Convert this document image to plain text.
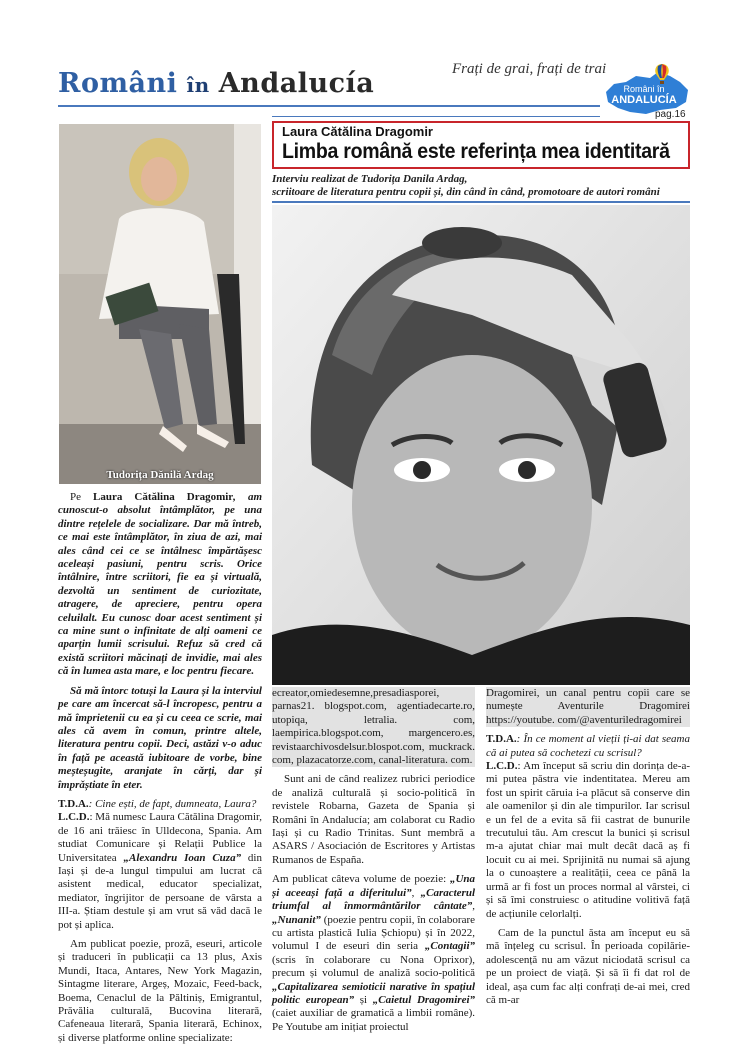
Români în Andalucía	Frați de grai, frați de trai
Români în
ANDALUCÍA
pag.16
Laura Cătălina Dragomir
Limba română este referința mea identitară
Interviu realizat de Tudorița Danila Ardag,
scriitoare de literatura pentru copii și, din când în când, promotoare de autori români
Tudorița Dănilă Ardag

Pe Laura Cătălina Dragomir, am cunoscut-o absolut întâmplător, pe una dintre rețelele de socializare. Dar mă întreb, ce mai este întâmplător, în ziua de azi, mai ales când cei ce se întâlnesc împărtășesc aceleași pasiuni, pentru scris. Orice întâlnire, între scriitori, fie ea și virtuală, dezvoltă un sentiment de curiozitate, atragere, de apreciere, pentru opera celuilalt. Eu cunosc doar acest sentiment și ca mine sunt o infinitate de alți oameni ce aparțin lumii scrisului. Refuz să cred că există scriitori măcinați de invidie, mai ales că în lumea asta mare, e loc pentru fiecare.

Să mă întorc totuși la Laura și la interviul pe care am încercat să-l încropesc, pentru a mă împrietenii cu ea și cu ceea ce scrie, mai ales că avem în comun, printre altele, literatura pentru copii. Deci, astăzi v-o aduc în față pe aceastǎ iubitoare de vorbe, bine meșteșugite, aranjate în cǎrți, dar și împrǎștiate în eter.

T.D.A.: Cine ești, de fapt, dumneata, Laura?
L.C.D.: Mă numesc Laura Cătălina Dragomir, de 16 ani trăiesc în Ulldecona, Spania. Am studiat Comunicare și Relații Publice la Universitatea „Alexandru Ioan Cuza” din Iași și de-a lungul timpului am lucrat că asistent medical, educator specializat, mediator, îngrijitor de persoane de vârsta a III-a. Știam destule și am vrut să văd dacă le pot și aplica.

Am publicat poezie, proză, eseuri, articole și traduceri în publicații ca 13 plus, Axis Mundi, Itaca, Antares, New York Magazin, Sintagme literare, Argeș, Mozaic, Feed-back, Boema, Cenaclul de la Păltiniș, Emigrantul, Prăvălia culturală, Bucovina literară, Cafeneaua literară, Spania literară, Echinox, și diverse platforme online specializate:

ecreator,omiedesemne,presadiasporei, parnas21. blogspot.com, agentiadecarte.ro, utopiqa, letralia. com, laempirica.blogspot.com, margencero.es, revistaarchivosdelsur.blospot.com, muckrack. com, plazacatorze.com, canal-literatura. com.

Sunt ani de când realizez rubrici periodice de analiză culturală și socio-politică în revistele Robarna, Gazeta de Spania și Români în Andalucía; am colaborat cu Radio Iași și cu Radio Trinitas. Sunt membră a ASARS / Asociación de Escritores y Artistas Rumanos de España.

Am publicat câteva volume de poezie: „Una și aceeași față a diferitului”, „Caracterul triumfal al înmormântărilor cântate”, „Nunanit” (poezie pentru copii, în colaborare cu artista plastică Iulia Șchiopu) și în 2022, volumul I de eseuri din seria „Contagii” (scris în colaborare cu Nona Oprixor), precum și volumul de analiză socio-politică „Capitalizarea semioticii narative în spațiul politic european” și „Caietul Dragomirei” (caiet auxiliar de gramatică a limbii române). Pe Youtube am inițiat proiectul

Dragomirei, un canal pentru copii care se numește Aventurile Dragomirei https://youtube. com/@aventuriledragomirei

T.D.A.: În ce moment al vieții ți-ai dat seama că ai putea să cochetezi cu scrisul?
L.C.D.: Am început să scriu din dorința de-a-mi putea păstra vie indentitatea. Mereu am fost un spirit căruia i-a plăcut să conserve din ale oamenilor și din ale timpurilor. Iar scrisul e un fel de a evita să fii castrat de bunurile trecutului tău. Am crescut la bunici și scrisul m-a ajutat chiar mai mult decât dacă aș fi locuit cu ai mei. Sprijinită nu numai să ajung la o cunoaștere a realității, ceea ce până la urmă ar fi fost un proces normal al vârstei, ci și să îmi construiesc o atitudine volitivă față de acțiunile celorlalți.

Cam de la punctul ăsta am început eu să mă înțeleg cu scrisul. În perioada copilărie-adolescență nu am văzut niciodată scrisul ca pe un proiect de viață. Și să îi fi dat rol de ideal, așa cum fac alți confrați de-ai mei, cred că m-ar
